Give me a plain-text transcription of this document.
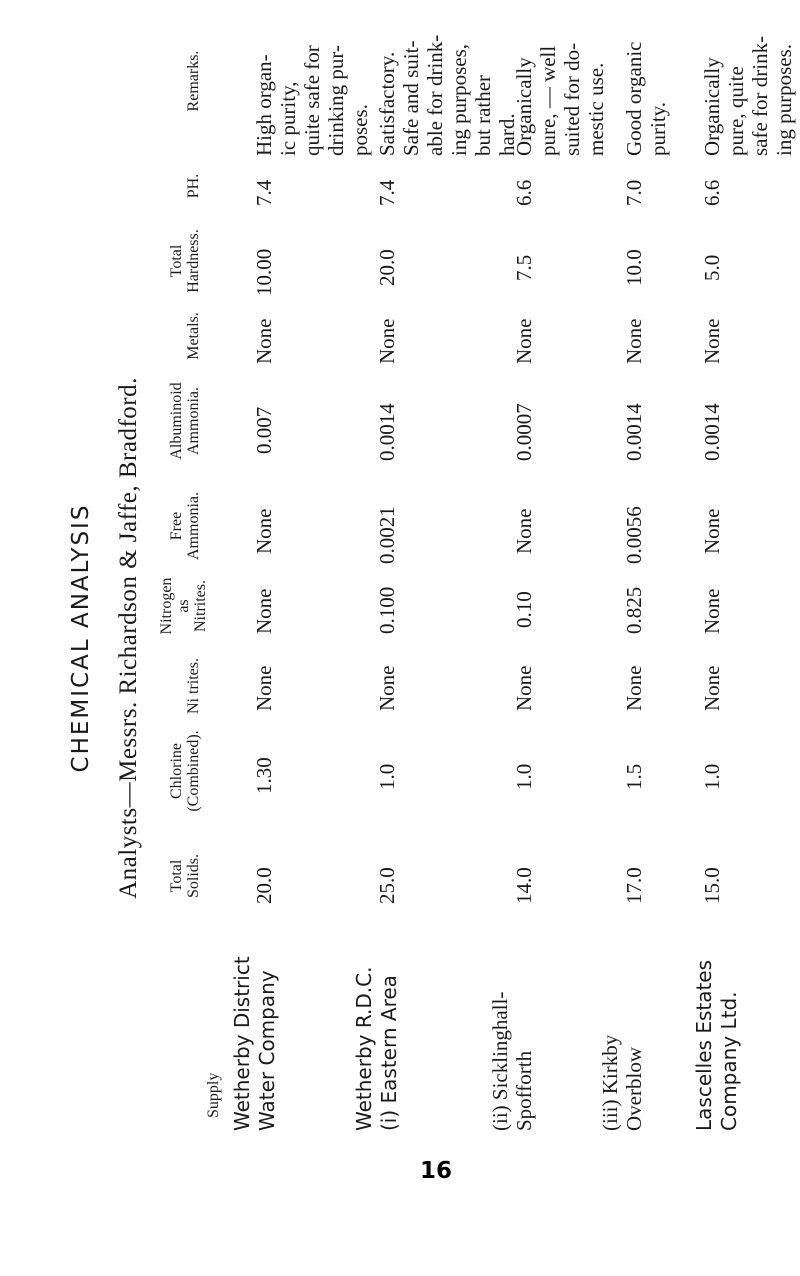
CHEMICAL ANALYSIS Analysts—Messrs. Richardson & Jaffe, Bradford.
Supply
Total
Solids.
Chlorine
(Combined).
Ni trites.
Nitrogen
as
Nitrites.
Free
Ammonia.
Albuminoid
Ammonia.
Metals.
Total
Hardness.
PH.
Remarks.
Wetherby District
Water Company
20.0
1.30
None
None
None
0.007
None
10.00
7.4
High organ-
ic purity,
quite safe for
drinking pur-
poses.
Wetherby R.D.C.
(i) Eastern Area
25.0
1.0
None
0.100
0.0021
0.0014
None
20.0
7.4
Satisfactory.
Safe and suit-
able for drink-
ing purposes,
but rather
hard.
(ii) Sicklinghall-
Spofforth
14.0
1.0
None
0.10
None
0.0007
None
7.5
6.6
Organically
pure, — well
suited for do-
mestic use.
(iii) Kirkby
Overblow
17.0
1.5
None
0.825
0.0056
0.0014
None
10.0
7.0
Good organic
purity.
Lascelles Estates
Company Ltd.
15.0
1.0
None
None
None
0.0014
None
5.0
6.6
Organically
pure, quite
safe for drink-
ing purposes.
16
